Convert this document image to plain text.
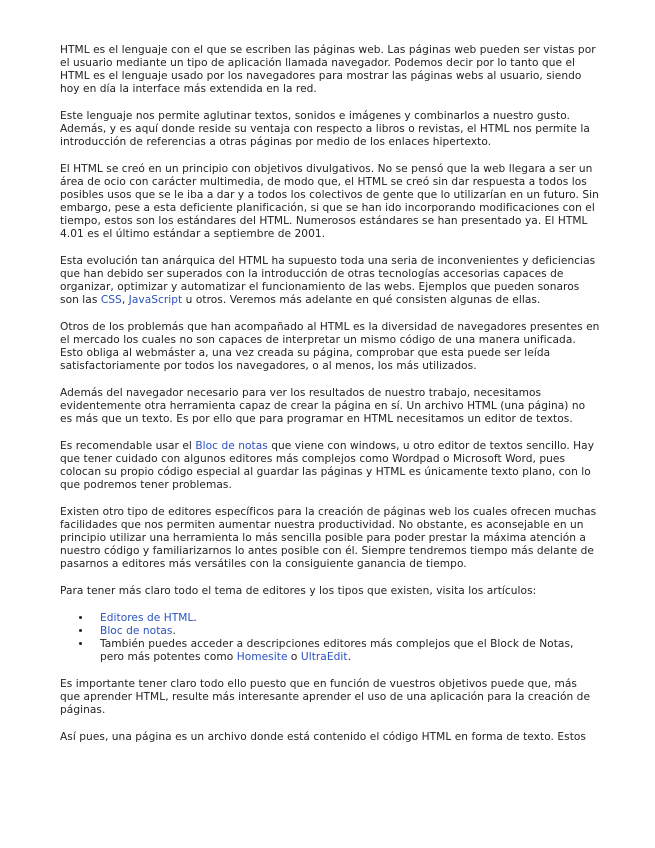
HTML es el lenguaje con el que se escriben las páginas web. Las páginas web pueden ser vistas por el usuario mediante un tipo de aplicación llamada navegador. Podemos decir por lo tanto que el HTML es el lenguaje usado por los navegadores para mostrar las páginas webs al usuario, siendo hoy en día la interface más extendida en la red.

Este lenguaje nos permite aglutinar textos, sonidos e imágenes y combinarlos a nuestro gusto. Además, y es aquí donde reside su ventaja con respecto a libros o revistas, el HTML nos permite la introducción de referencias a otras páginas por medio de los enlaces hipertexto.

El HTML se creó en un principio con objetivos divulgativos. No se pensó que la web llegara a ser un área de ocio con carácter multimedia, de modo que, el HTML se creó sin dar respuesta a todos los posibles usos que se le iba a dar y a todos los colectivos de gente que lo utilizarían en un futuro. Sin embargo, pese a esta deficiente planificación, si que se han ido incorporando modificaciones con el tiempo, estos son los estándares del HTML. Numerosos estándares se han presentado ya. El HTML 4.01 es el último estándar a septiembre de 2001.

Esta evolución tan anárquica del HTML ha supuesto toda una seria de inconvenientes y deficiencias que han debido ser superados con la introducción de otras tecnologías accesorias capaces de organizar, optimizar y automatizar el funcionamiento de las webs. Ejemplos que pueden sonaros son las CSS, JavaScript u otros. Veremos más adelante en qué consisten algunas de ellas.

Otros de los problemás que han acompañado al HTML es la diversidad de navegadores presentes en el mercado los cuales no son capaces de interpretar un mismo código de una manera unificada. Esto obliga al webmáster a, una vez creada su página, comprobar que esta puede ser leída satisfactoriamente por todos los navegadores, o al menos, los más utilizados.

Además del navegador necesario para ver los resultados de nuestro trabajo, necesitamos evidentemente otra herramienta capaz de crear la página en sí. Un archivo HTML (una página) no es más que un texto. Es por ello que para programar en HTML necesitamos un editor de textos.

Es recomendable usar el Bloc de notas que viene con windows, u otro editor de textos sencillo. Hay que tener cuidado con algunos editores más complejos como Wordpad o Microsoft Word, pues colocan su propio código especial al guardar las páginas y HTML es únicamente texto plano, con lo que podremos tener problemas.

Existen otro tipo de editores específicos para la creación de páginas web los cuales ofrecen muchas facilidades que nos permiten aumentar nuestra productividad. No obstante, es aconsejable en un principio utilizar una herramienta lo más sencilla posible para poder prestar la máxima atención a nuestro código y familiarizarnos lo antes posible con él. Siempre tendremos tiempo más delante de pasarnos a editores más versátiles con la consiguiente ganancia de tiempo.

Para tener más claro todo el tema de editores y los tipos que existen, visita los artículos:

• Editores de HTML.
• Bloc de notas.
• También puedes acceder a descripciones editores más complejos que el Block de Notas, pero más potentes como Homesite o UltraEdit.

Es importante tener claro todo ello puesto que en función de vuestros objetivos puede que, más que aprender HTML, resulte más interesante aprender el uso de una aplicación para la creación de páginas.

Así pues, una página es un archivo donde está contenido el código HTML en forma de texto. Estos
